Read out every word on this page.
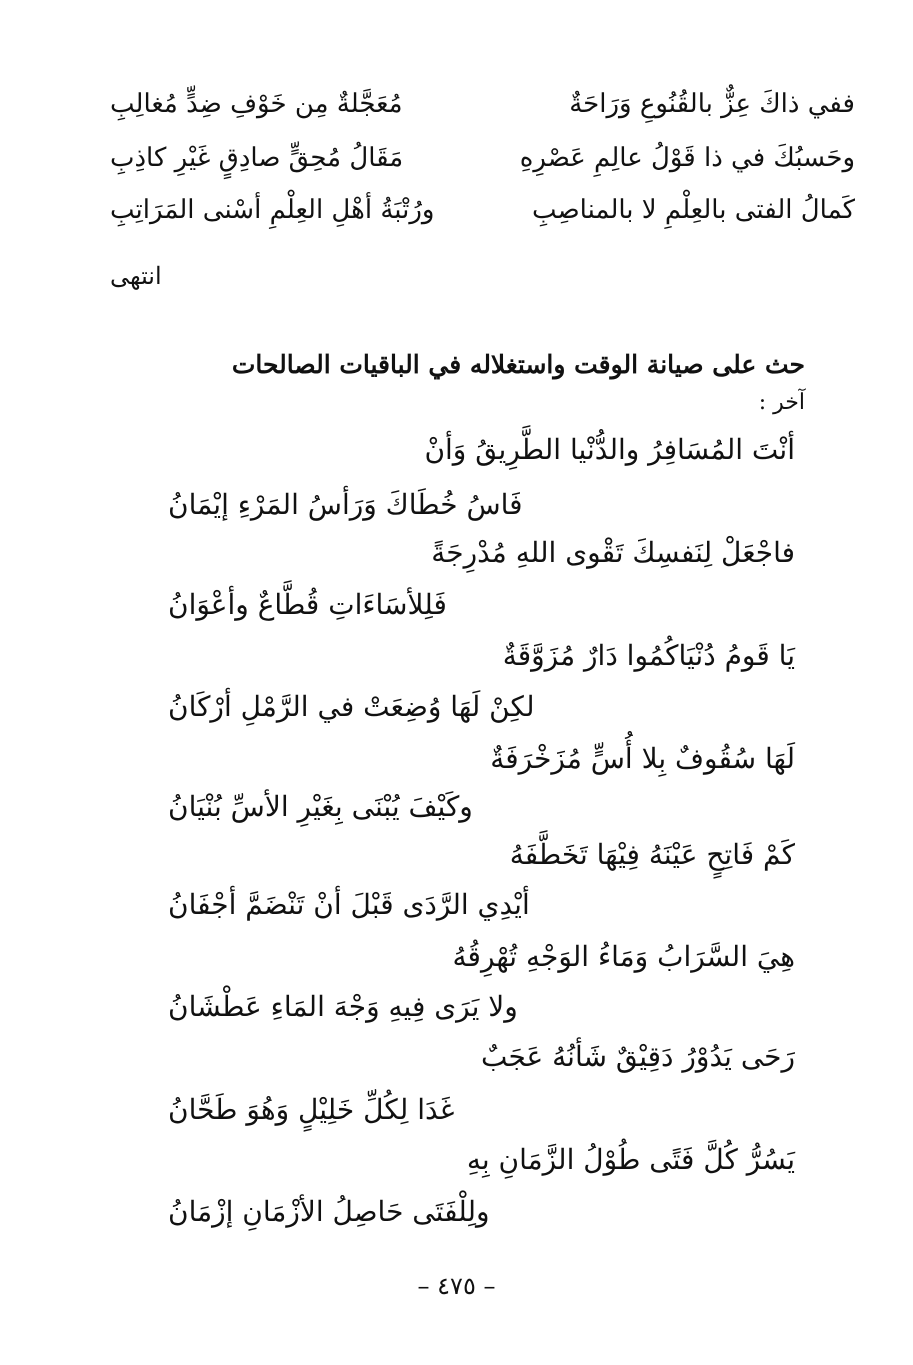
ففي ذاكَ عِزٌّ بالقُنُوعِ وَرَاحَةٌ
مُعَجَّلةٌ مِن خَوْفِ ضِدٍّ مُغالِبِ
وحَسبُكَ في ذا قَوْلُ عالِمِ عَصْرِهِ
مَقَالُ مُحِقٍّ صادِقٍ غَيْرِ كاذِبِ
كَمالُ الفتى بالعِلْمِ لا بالمناصِبِ
ورُتْبَةُ أهْلِ العِلْمِ أسْنى المَرَاتِبِ
انتهى
حث على صيانة الوقت واستغلاله في الباقيات الصالحات
آخر :
أنْتَ المُسَافِرُ والدُّنْيا الطَّرِيقُ وَأنْ
فَاسُ خُطَاكَ وَرَأسُ المَرْءِ إيْمَانُ
فاجْعَلْ لِنَفسِكَ تَقْوى اللهِ مُدْرِجَةً
فَلِلأسَاءَاتِ قُطَّاعٌ وأعْوَانُ
يَا قَومُ دُنْيَاكُمُوا دَارٌ مُزَوَّقَةٌ
لكِنْ لَهَا وُضِعَتْ في الرَّمْلِ أرْكَانُ
لَهَا سُقُوفٌ بِلا أُسٍّ مُزَخْرَفَةٌ
وكَيْفَ يُبْنَى بِغَيْرِ الأسِّ بُنْيَانُ
كَمْ فَاتِحٍ عَيْنَهُ فِيْهَا تَخَطَّفَهُ
أيْدِي الرَّدَى قَبْلَ أنْ تَنْضَمَّ أجْفَانُ
هِيَ السَّرَابُ وَمَاءُ الوَجْهِ تُهْرِقُهُ
ولا يَرَى فِيهِ وَجْهَ المَاءِ عَطْشَانُ
رَحَى يَدُوْرُ دَقِيْقٌ شَأنُهُ عَجَبٌ
غَدَا لِكُلِّ خَلِيْلٍ وَهُوَ طَحَّانُ
يَسُرُّ كُلَّ فَتًى طُوْلُ الزَّمَانِ بِهِ
ولِلْفَتَى حَاصِلُ الأزْمَانِ إزْمَانُ
– ٤٧٥ –
